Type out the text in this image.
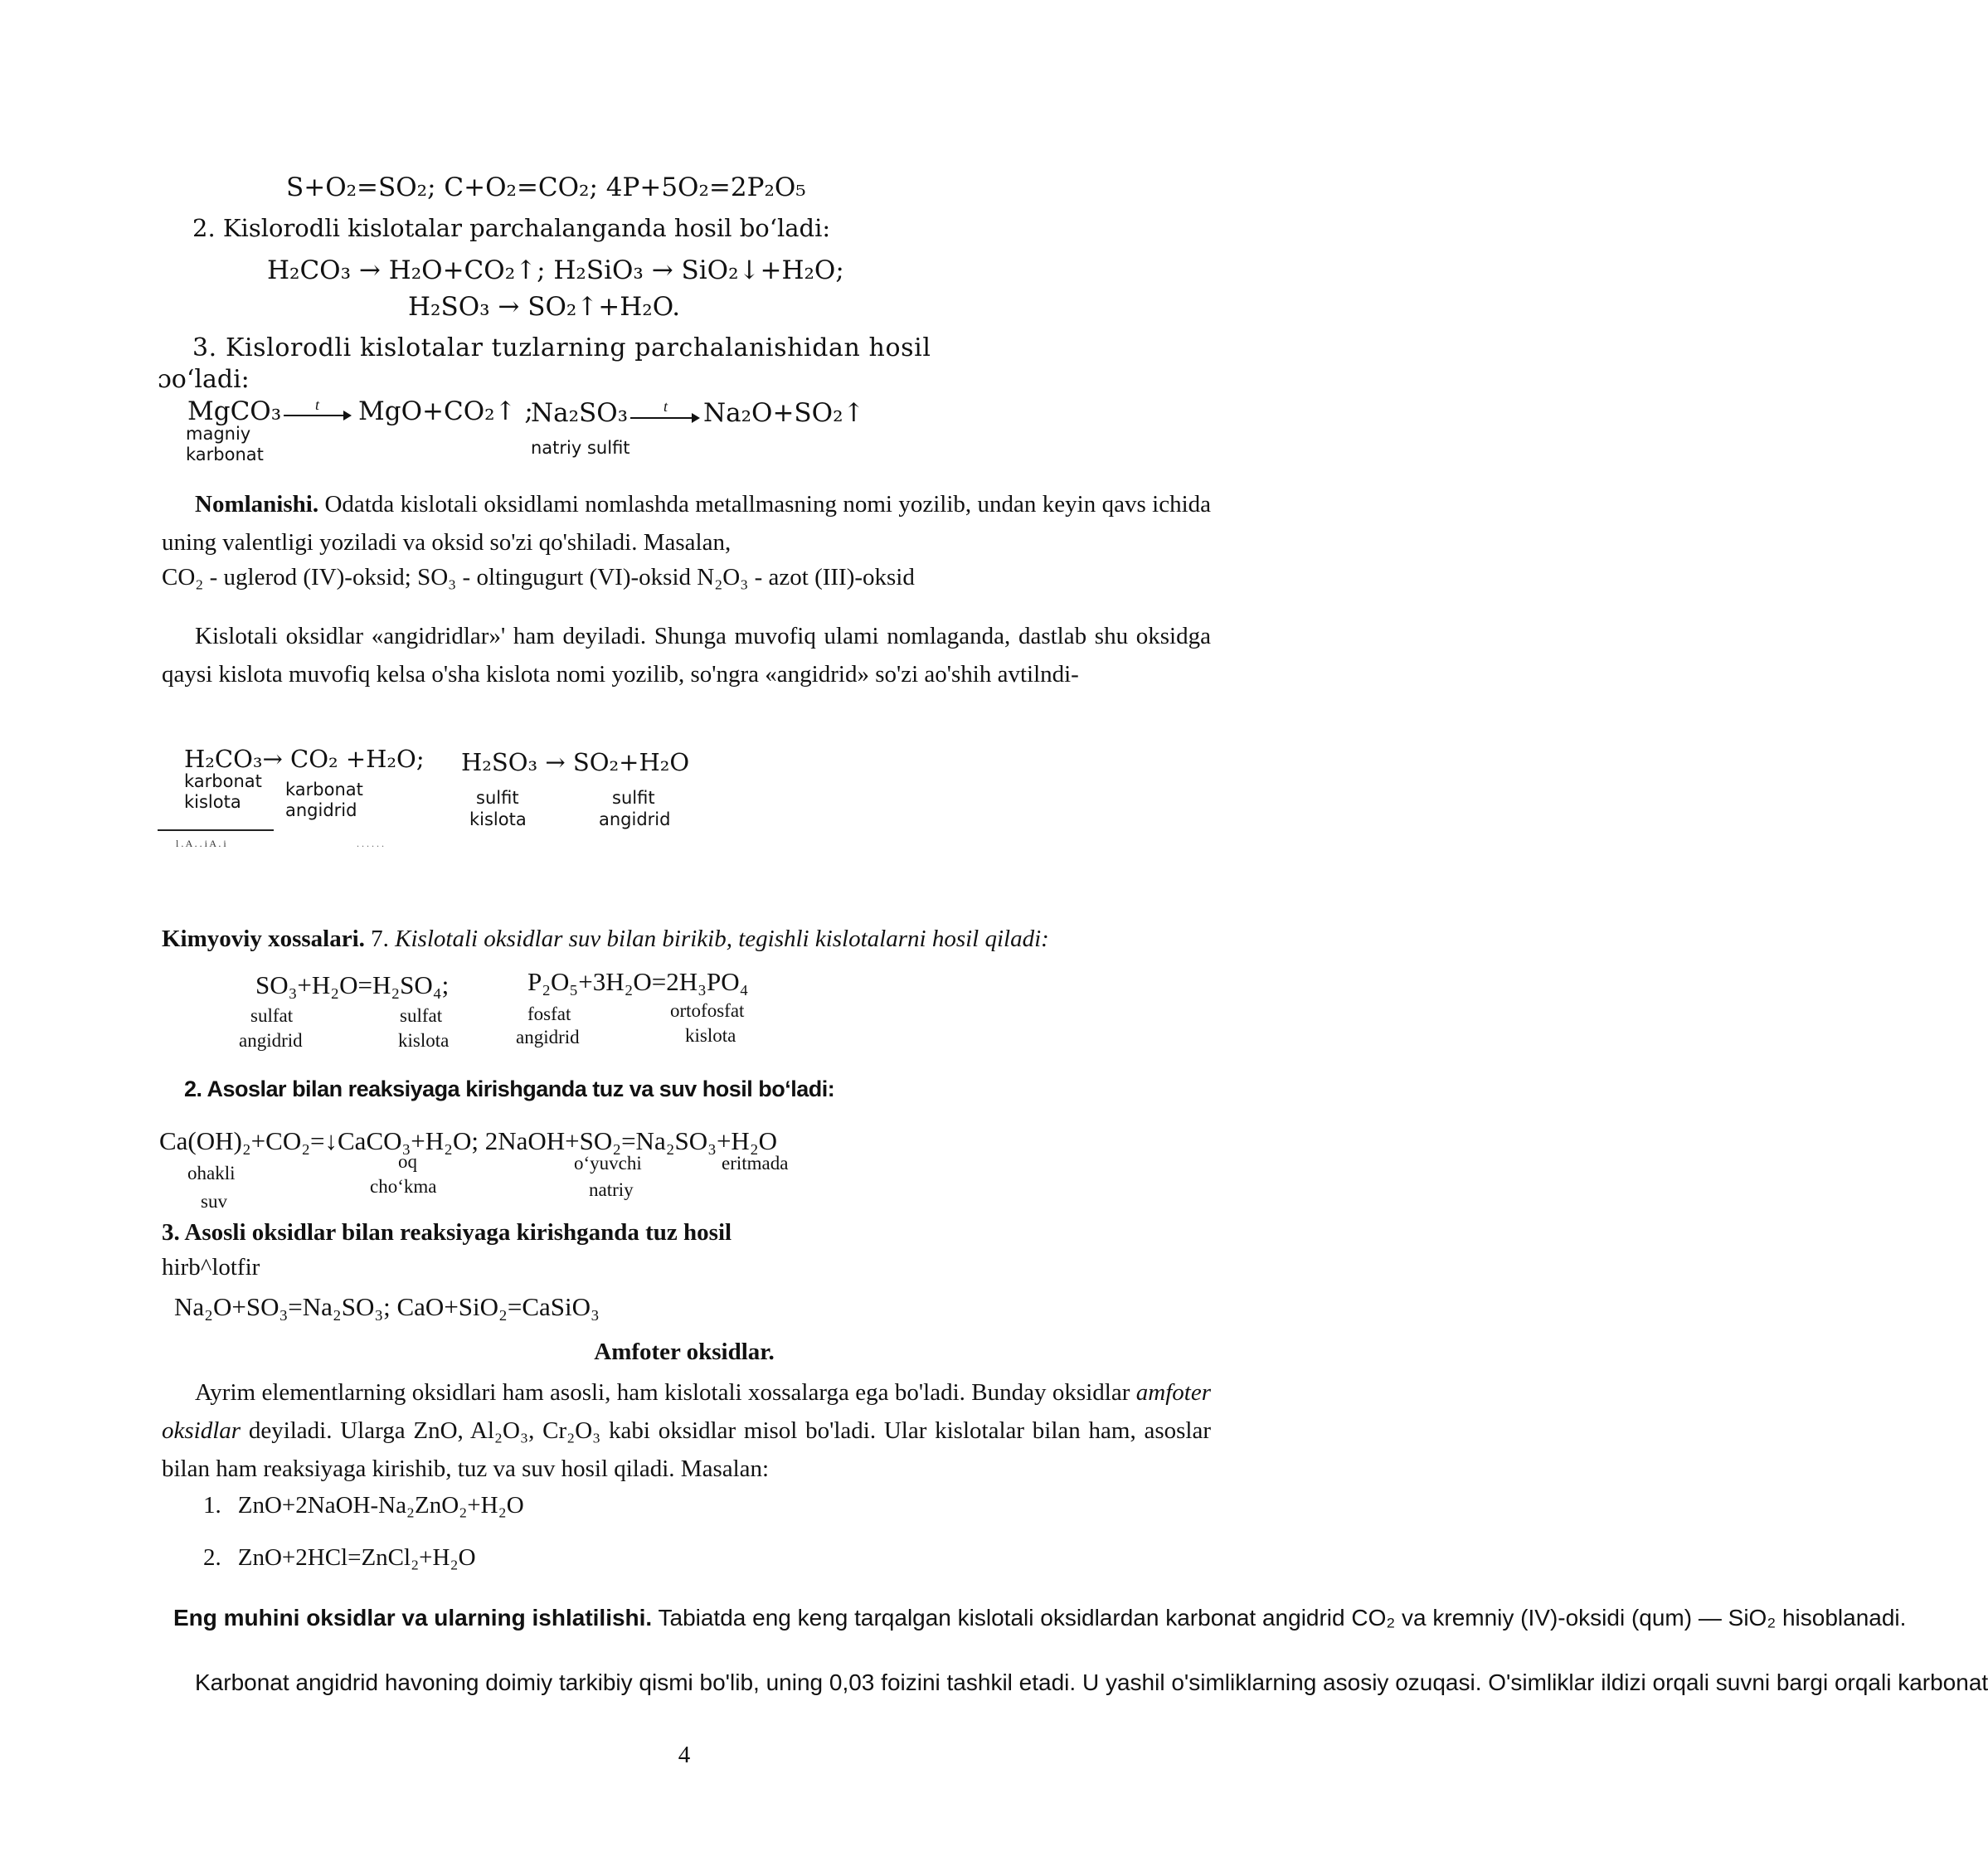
S+O₂=SO₂; C+O₂=CO₂; 4P+5O₂=2P₂O₅
2. Kislorodli kislotalar parchalanganda hosil bo‘ladi:
H₂CO₃ → H₂O+CO₂↑; H₂SiO₃ → SiO₂↓+H₂O;
H₂SO₃ → SO₂↑+H₂O.
3. Kislorodli kislotalar tuzlarning parchalanishidan hosil
ɔo‘ladi:
MgCO₃
magniy
karbonat
t MgO+CO₂↑ ;
Na₂SO₃
natriy sulfit
t Na₂O+SO₂↑
Nomlanishi. Odatda kislotali oksidlami nomlashda metallmasning nomi yozilib, undan keyin qavs ichida uning valentligi yoziladi va oksid so'zi qo'shiladi. Masalan,
CO₂ - uglerod (IV)-oksid; SO₃ - oltingugurt (VI)-oksid N₂O₃ - azot (III)-oksid
Kislotali oksidlar «angidridlar»' ham deyiladi. Shunga muvofiq ulami nomlaganda, dastlab shu oksidga qaysi kislota muvofiq kelsa o'sha kislota nomi yozilib, so'ngra «angidrid» so'zi ao'shih avtilndi-
H₂CO₃→ CO₂ +H₂O;
karbonat
kislota
karbonat
angidrid
H₂SO₃ → SO₂+H₂O
sulfit
kislota
sulfit
angidrid
l . A . . i A . i	. . . . . .
Kimyoviy xossalari. 7. Kislotali oksidlar suv bilan birikib, tegishli kislotalarni hosil qiladi:
SO₃+H₂O=H₂SO₄;
sulfat
angidrid
sulfat
kislota
P₂O₅+3H₂O=2H₃PO₄
fosfat
angidrid
ortofosfat
kislota
2. Asoslar bilan reaksiyaga kirishganda tuz va suv hosil bo‘ladi:
Ca(OH)₂+CO₂=↓CaCO₃+H₂O; 2NaOH+SO₂=Na₂SO₃+H₂O
ohakli
suv
oq
cho‘kma
o‘yuvchi
natriy
eritmada
3. Asosli oksidlar bilan reaksiyaga kirishganda tuz hosil
hirb^lotfir
Na₂O+SO₃=Na₂SO₃; CaO+SiO₂=CaSiO₃
Amfoter oksidlar.
Ayrim elementlarning oksidlari ham asosli, ham kislotali xossalarga ega bo'ladi. Bunday oksidlar amfoter oksidlar deyiladi. Ularga ZnO, Al₂O₃, Cr₂O₃ kabi oksidlar misol bo'ladi. Ular kislotalar bilan ham, asoslar bilan ham reaksiyaga kirishib, tuz va suv hosil qiladi. Masalan:
1. ZnO+2NaOH-Na₂ZnO₂+H₂O
2. ZnO+2HCl=ZnCl₂+H₂O
Eng muhini oksidlar va ularning ishlatilishi. Tabiatda eng keng tarqalgan kislotali oksidlardan karbonat angidrid CO₂ va kremniy (IV)-oksidi (qum) — SiO₂ hisoblanadi.
Karbonat angidrid havoning doimiy tarkibiy qismi bo'lib, uning 0,03 foizini tashkil etadi. U yashil o'simliklarning asosiy ozuqasi. O'simliklar ildizi orqali suvni bargi orqali karbonat
4
